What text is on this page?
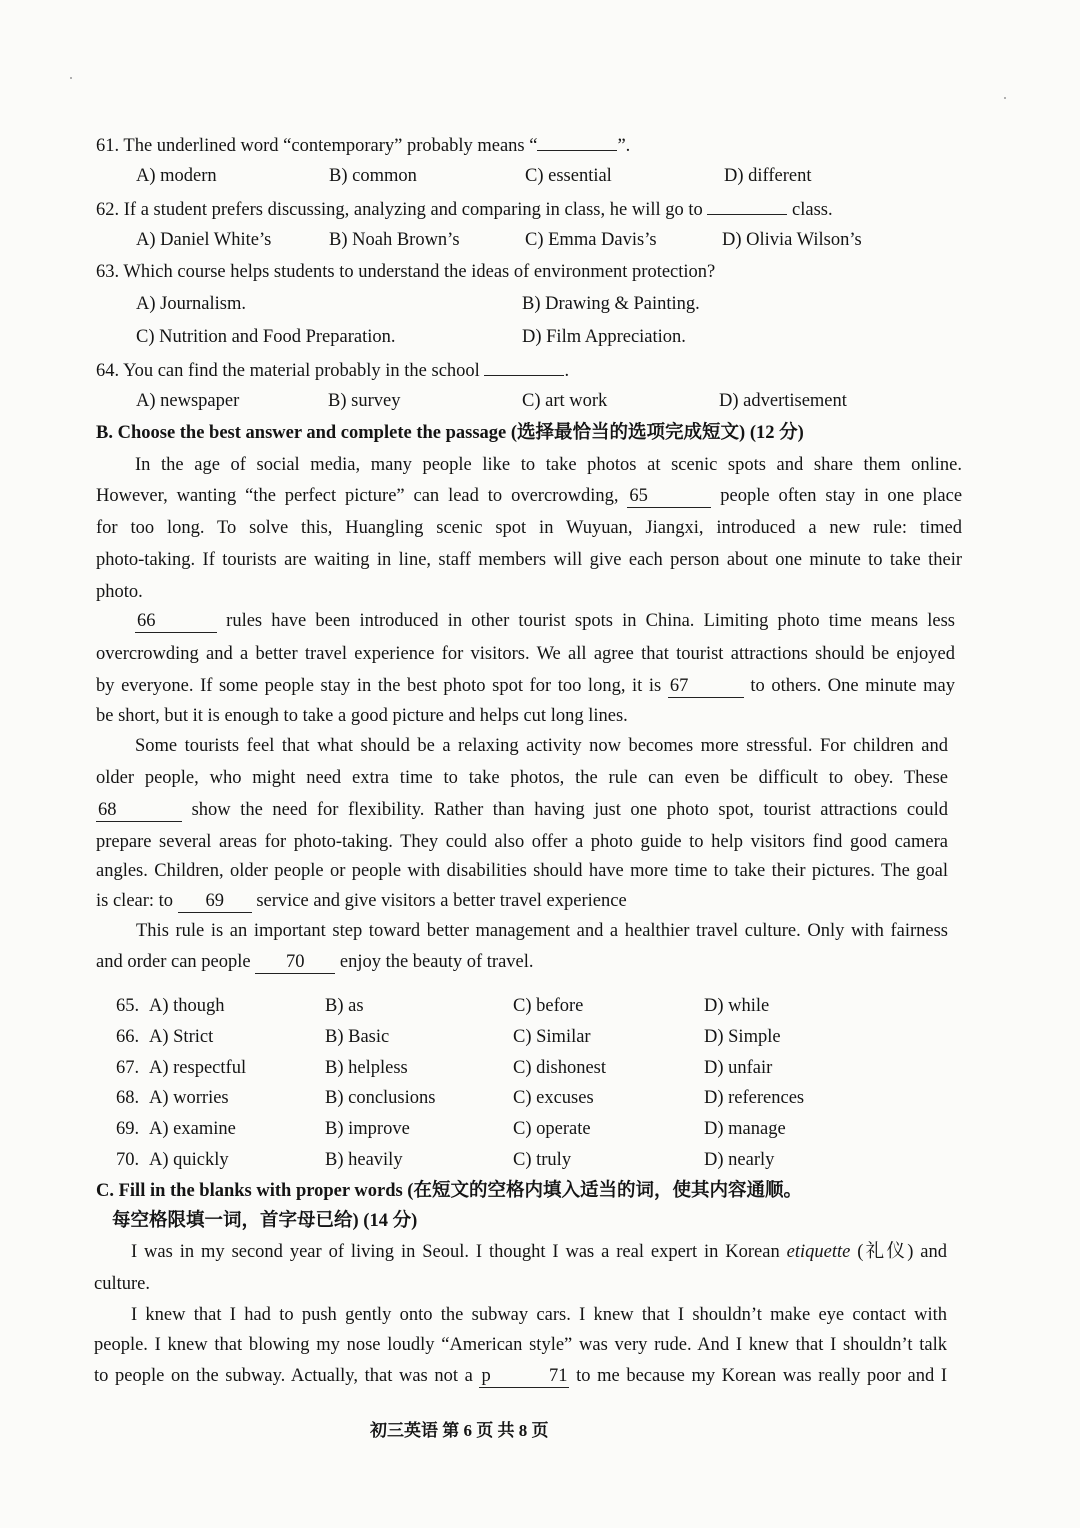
61. The underlined word “contemporary” probably means “	”.
A) modern	B) common	C) essential	D) different
62. If a student prefers discussing, analyzing and comparing in class, he will go to	class.
A) Daniel White’s	B) Noah Brown’s	C) Emma Davis’s	D) Olivia Wilson’s
63. Which course helps students to understand the ideas of environment protection?
A) Journalism.	B) Drawing & Painting.
C) Nutrition and Food Preparation.	D) Film Appreciation.
64. You can find the material probably in the school	.
A) newspaper	B) survey	C) art work	D) advertisement
B. Choose the best answer and complete the passage (选择最恰当的选项完成短文) (12 分)
In the age of social media, many people like to take photos at scenic spots and share them online.
However, wanting “the perfect picture” can lead to overcrowding, 65	people often stay in one place
for too long. To solve this, Huangling scenic spot in Wuyuan, Jiangxi, introduced a new rule: timed
photo-taking. If tourists are waiting in line, staff members will give each person about one minute to take their
photo.
66	rules have been introduced in other tourist spots in China. Limiting photo time means less
overcrowding and a better travel experience for visitors. We all agree that tourist attractions should be enjoyed
by everyone. If some people stay in the best photo spot for too long, it is 67	to others. One minute may
be short, but it is enough to take a good picture and helps cut long lines.
Some tourists feel that what should be a relaxing activity now becomes more stressful. For children and
older people, who might need extra time to take photos, the rule can even be difficult to obey. These
68	show the need for flexibility. Rather than having just one photo spot, tourist attractions could
prepare several areas for photo-taking. They could also offer a photo guide to help visitors find good camera
angles. Children, older people or people with disabilities should have more time to take their pictures. The goal
is clear: to 69 service and give visitors a better travel experience
This rule is an important step toward better management and a healthier travel culture. Only with fairness
and order can people 70 enjoy the beauty of travel.
65. A) though	B) as	C) before	D) while
66. A) Strict	B) Basic	C) Similar	D) Simple
67. A) respectful	B) helpless	C) dishonest	D) unfair
68. A) worries	B) conclusions	C) excuses	D) references
69. A) examine	B) improve	C) operate	D) manage
70. A) quickly	B) heavily	C) truly	D) nearly
C. Fill in the blanks with proper words (在短文的空格内填入适当的词，使其内容通顺。
每空格限填一词，首字母已给) (14 分)
I was in my second year of living in Seoul. I thought I was a real expert in Korean etiquette (礼仪) and
culture.
I knew that I had to push gently onto the subway cars. I knew that I shouldn’t make eye contact with
people. I knew that blowing my nose loudly “American style” was very rude. And I knew that I shouldn’t talk
to people on the subway. Actually, that was not a p      71 to me because my Korean was really poor and I
初三英语 第 6 页 共 8 页
